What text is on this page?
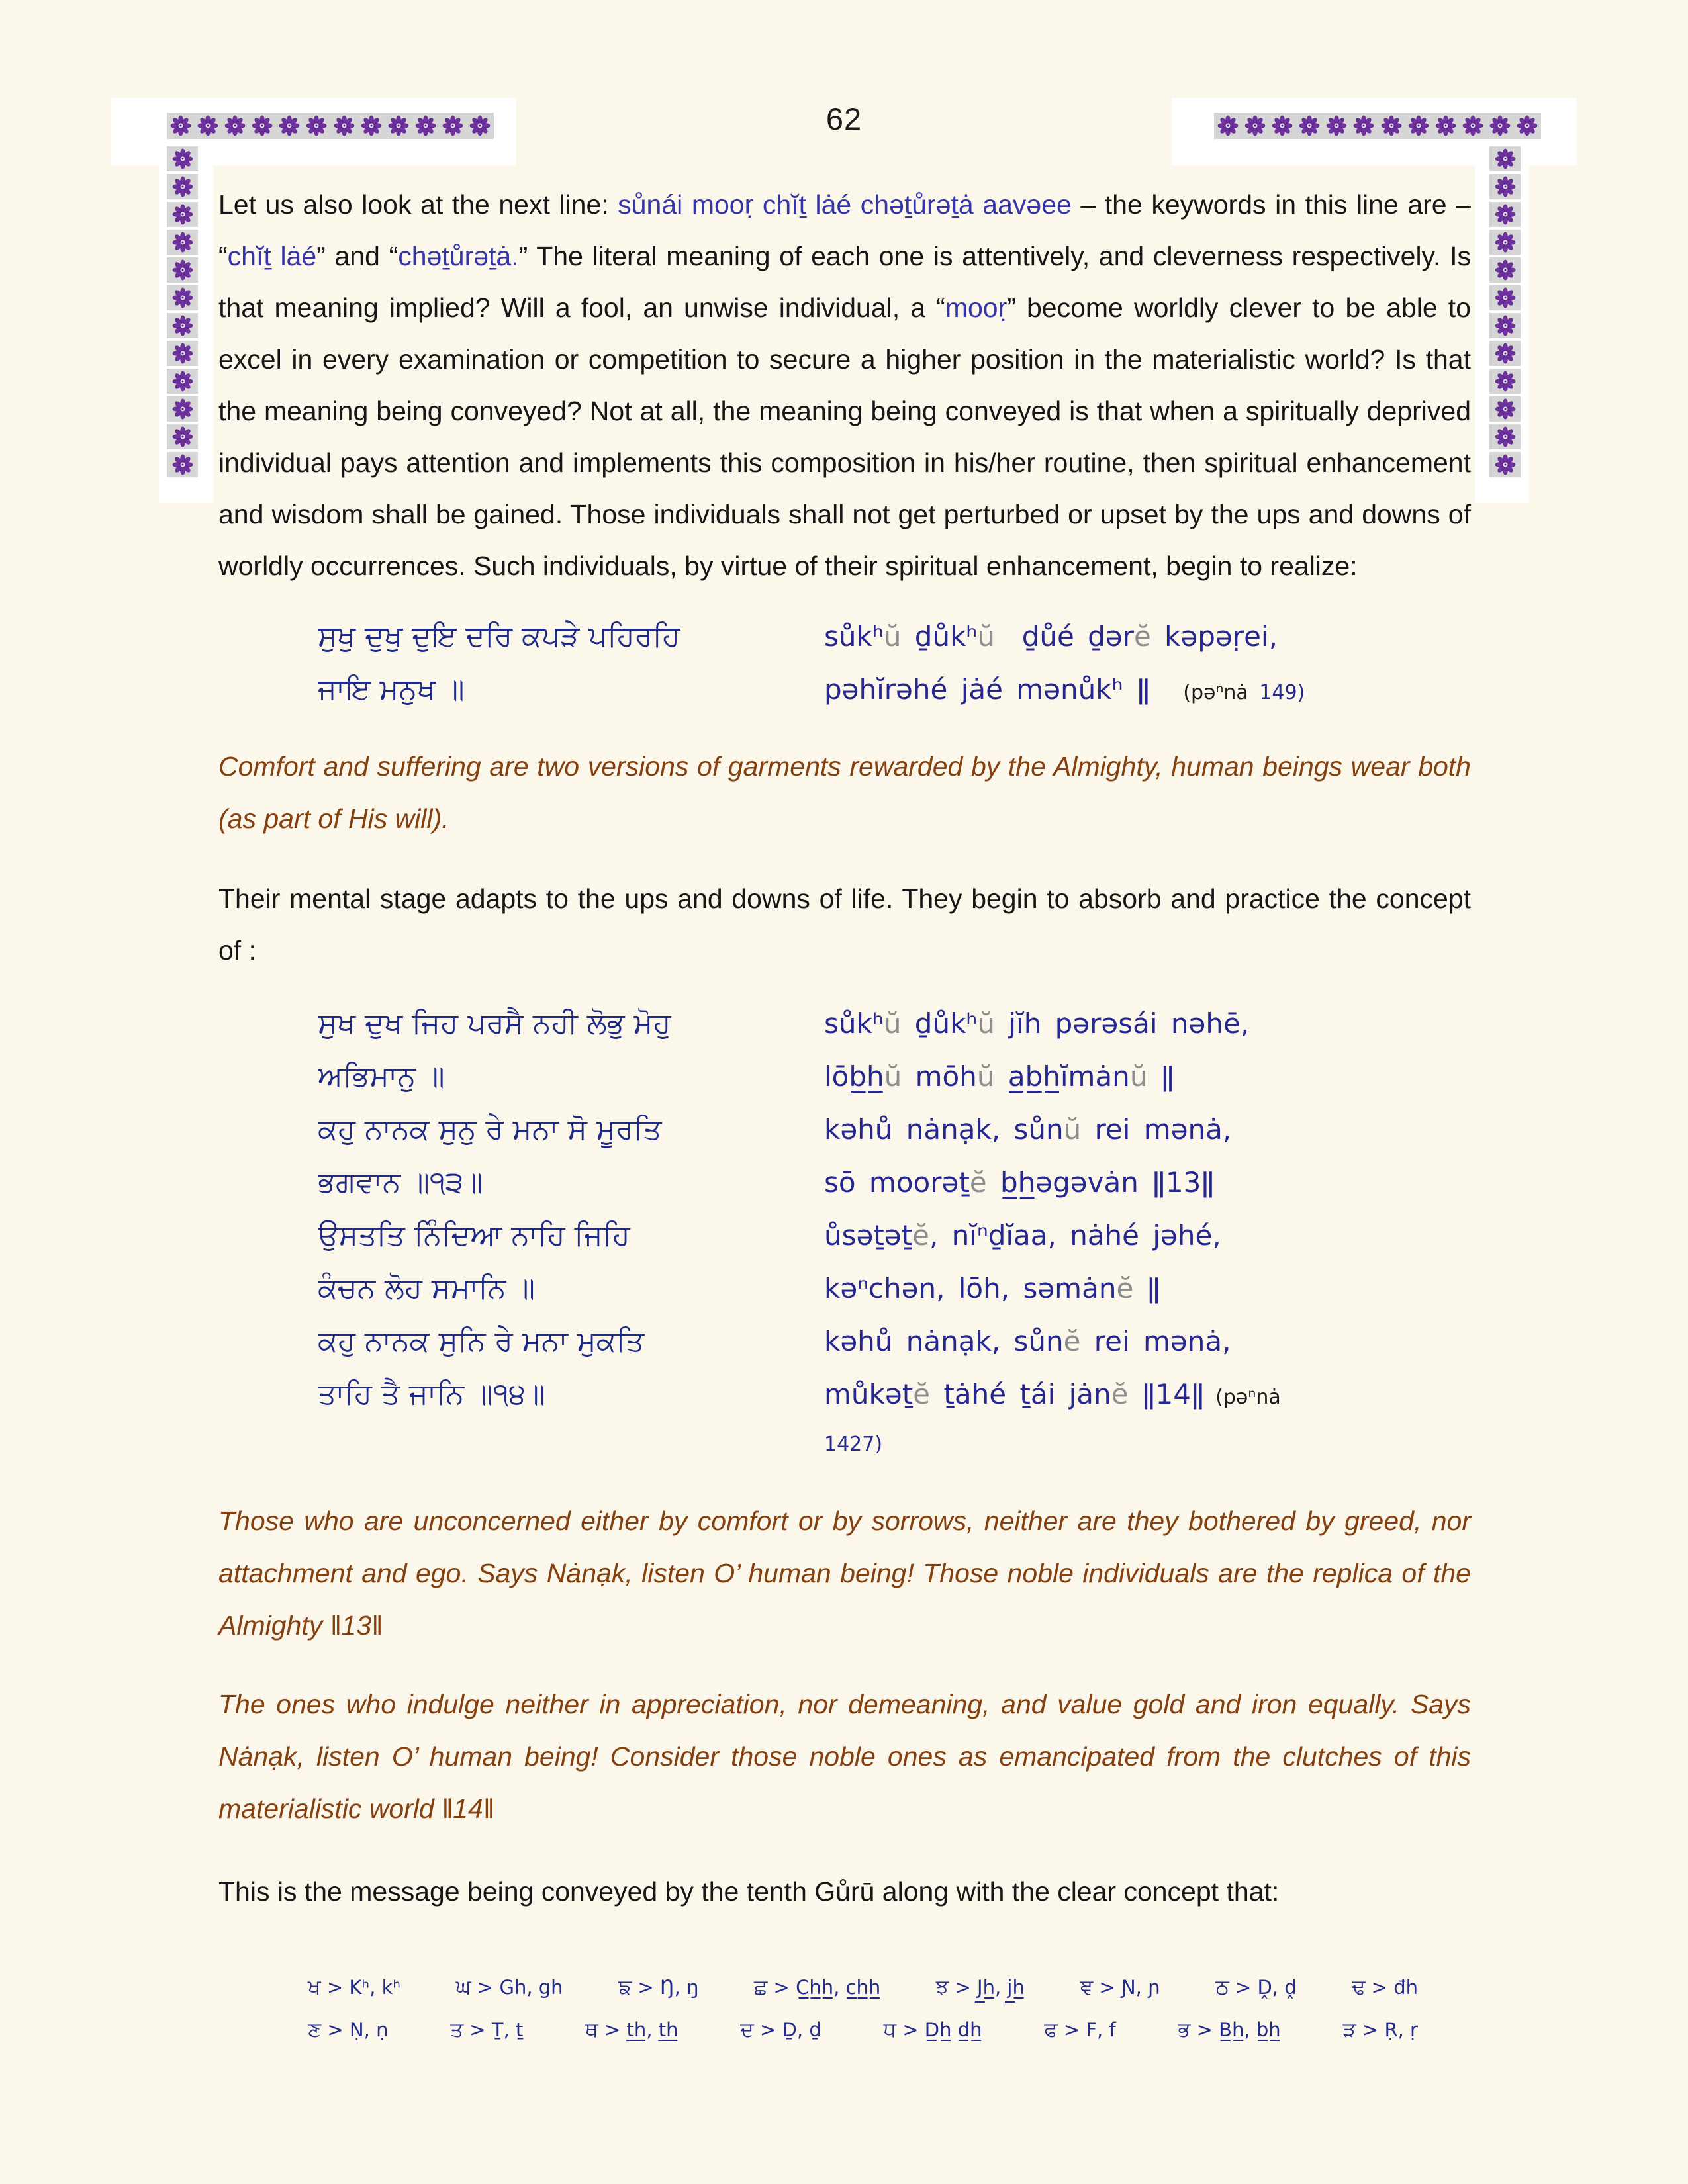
62

Let us also look at the next line: sůnái mooṛ chĭṯ lȧé chəṯůrəṯȧ aavəee – the keywords in this line are – “chĭṯ lȧé” and “chəṯůrəṯȧ.” The literal meaning of each one is attentively, and cleverness respectively. Is that meaning implied? Will a fool, an unwise individual, a “mooṛ” become worldly clever to be able to excel in every examination or competition to secure a higher position in the materialistic world? Is that the meaning being conveyed? Not at all, the meaning being conveyed is that when a spiritually deprived individual pays attention and implements this composition in his/her routine, then spiritual enhancement and wisdom shall be gained. Those individuals shall not get perturbed or upset by the ups and downs of worldly occurrences. Such individuals, by virtue of their spiritual enhancement, begin to realize:

ਸੁਖੁ ਦੁਖੁ ਦੁਇ ਦਰਿ ਕਪੜੇ ਪਹਿਰਹਿ	sůkʰŭ ḏůkʰŭ  ḏůé ḏərĕ kəpəṛei,
ਜਾਇ ਮਨੁਖ ॥	pəhĭrəhé jȧé mənůkʰ ǁ   (pəⁿnȧ 149)

Comfort and suffering are two versions of garments rewarded by the Almighty, human beings wear both (as part of His will).

Their mental stage adapts to the ups and downs of life. They begin to absorb and practice the concept of :

ਸੁਖ ਦੁਖ ਜਿਹ ਪਰਸੈ ਨਹੀ ਲੋਭੁ ਮੋਹੁ	sůkʰŭ ḏůkʰŭ jĭh pərəsái nəhē,
ਅਭਿਮਾਨੁ ॥	lōb̲h̲ŭ mōhŭ a̲b̲h̲ĭmȧnŭ ǁ
ਕਹੁ ਨਾਨਕ ਸੁਨੁ ਰੇ ਮਨਾ ਸੋ ਮੂਰਤਿ	kəhů nȧnạk, sůnŭ rei mənȧ,
ਭਗਵਾਨ ॥੧੩॥	sō moorəṯĕ b̲h̲əgəvȧn ǁ13ǁ
ਉਸਤਤਿ ਨਿੰਦਿਆ ਨਾਹਿ ਜਿਹਿ	ůsəṯəṯĕ, nĭⁿḏĭaa, nȧhé jəhé,
ਕੰਚਨ ਲੋਹ ਸਮਾਨਿ ॥	kəⁿchən, lōh, səmȧnĕ ǁ
ਕਹੁ ਨਾਨਕ ਸੁਨਿ ਰੇ ਮਨਾ ਮੁਕਤਿ	kəhů nȧnạk, sůnĕ rei mənȧ,
ਤਾਹਿ ਤੈ ਜਾਨਿ ॥੧੪॥	můkəṯĕ ṯȧhé ṯái jȧnĕ ǁ14ǁ (pəⁿnȧ
1427)

Those who are unconcerned either by comfort or by sorrows, neither are they bothered by greed, nor attachment and ego. Says Nȧnạk, listen O’ human being! Those noble individuals are the replica of the Almighty ǁ13ǁ

The ones who indulge neither in appreciation, nor demeaning, and value gold and iron equally. Says Nȧnạk, listen O’ human being! Consider those noble ones as emancipated from the clutches of this materialistic world ǁ14ǁ

This is the message being conveyed by the tenth Gůrū along with the clear concept that:

ਖ > Kʰ, kʰ	ਘ > Gh, gh	ਙ > Ŋ, ŋ	ਛ > C̲h̲h̲, c̲h̲h̲	ਝ > J̲h̲, j̲h̲	ਞ > Ɲ, ɲ	ਠ > Ḓ, ḓ	ਢ > đh
ਣ > Ṇ, ṇ	ਤ > Ṯ, ṯ	ਥ > t̲h̲, t̲h̲	ਦ > Ḏ, ḏ	ਧ > D̲h̲ d̲h̲	ਫ > F, f	ਭ > B̲h̲, b̲h̲	ੜ > Ṛ, ṛ
